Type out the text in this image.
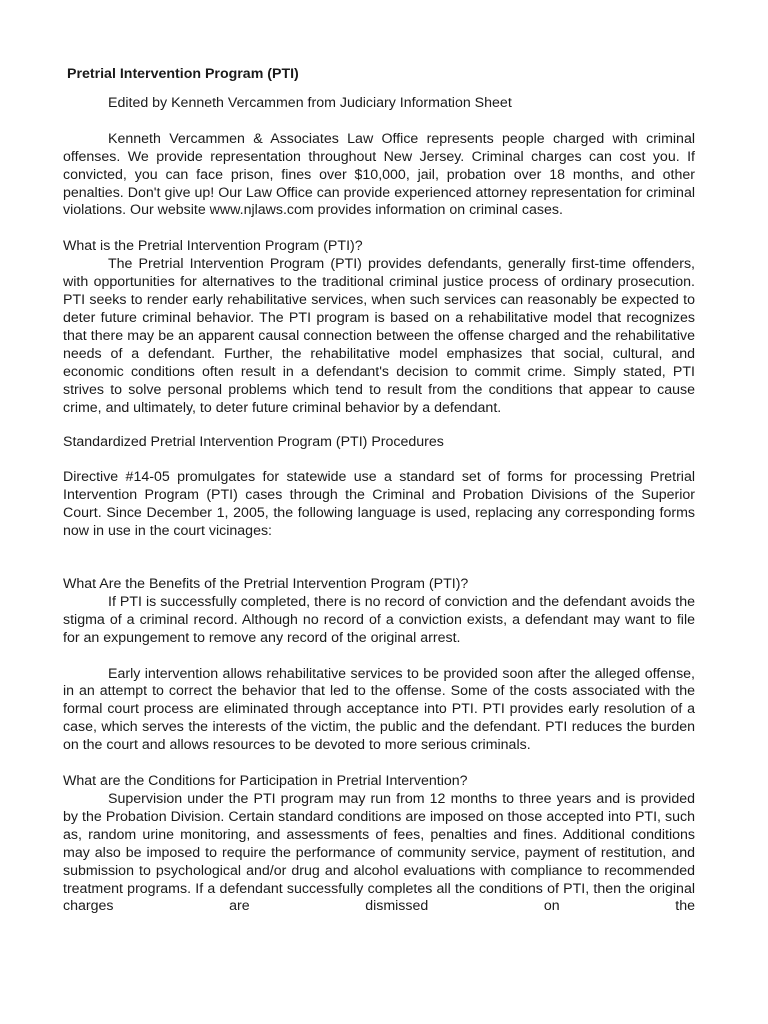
Pretrial Intervention Program (PTI)

Edited by Kenneth Vercammen from Judiciary Information Sheet

Kenneth Vercammen & Associates Law Office represents people charged with criminal offenses. We provide representation throughout New Jersey. Criminal charges can cost you. If convicted, you can face prison, fines over $10,000, jail, probation over 18 months, and other penalties. Don't give up! Our Law Office can provide experienced attorney representation for criminal violations. Our website www.njlaws.com provides information on criminal cases.

What is the Pretrial Intervention Program (PTI)?

The Pretrial Intervention Program (PTI) provides defendants, generally first-time offenders, with opportunities for alternatives to the traditional criminal justice process of ordinary prosecution. PTI seeks to render early rehabilitative services, when such services can reasonably be expected to deter future criminal behavior. The PTI program is based on a rehabilitative model that recognizes that there may be an apparent causal connection between the offense charged and the rehabilitative needs of a defendant. Further, the rehabilitative model emphasizes that social, cultural, and economic conditions often result in a defendant's decision to commit crime. Simply stated, PTI strives to solve personal problems which tend to result from the conditions that appear to cause crime, and ultimately, to deter future criminal behavior by a defendant.

Standardized Pretrial Intervention Program (PTI) Procedures

Directive #14-05 promulgates for statewide use a standard set of forms for processing Pretrial Intervention Program (PTI) cases through the Criminal and Probation Divisions of the Superior Court. Since December 1, 2005, the following language is used, replacing any corresponding forms now in use in the court vicinages:

What Are the Benefits of the Pretrial Intervention Program (PTI)?

If PTI is successfully completed, there is no record of conviction and the defendant avoids the stigma of a criminal record. Although no record of a conviction exists, a defendant may want to file for an expungement to remove any record of the original arrest.

Early intervention allows rehabilitative services to be provided soon after the alleged offense, in an attempt to correct the behavior that led to the offense. Some of the costs associated with the formal court process are eliminated through acceptance into PTI. PTI provides early resolution of a case, which serves the interests of the victim, the public and the defendant. PTI reduces the burden on the court and allows resources to be devoted to more serious criminals.

What are the Conditions for Participation in Pretrial Intervention?

Supervision under the PTI program may run from 12 months to three years and is provided by the Probation Division. Certain standard conditions are imposed on those accepted into PTI, such as, random urine monitoring, and assessments of fees, penalties and fines. Additional conditions may also be imposed to require the performance of community service, payment of restitution, and submission to psychological and/or drug and alcohol evaluations with compliance to recommended treatment programs. If a defendant successfully completes all the conditions of PTI, then the original charges are dismissed on the
